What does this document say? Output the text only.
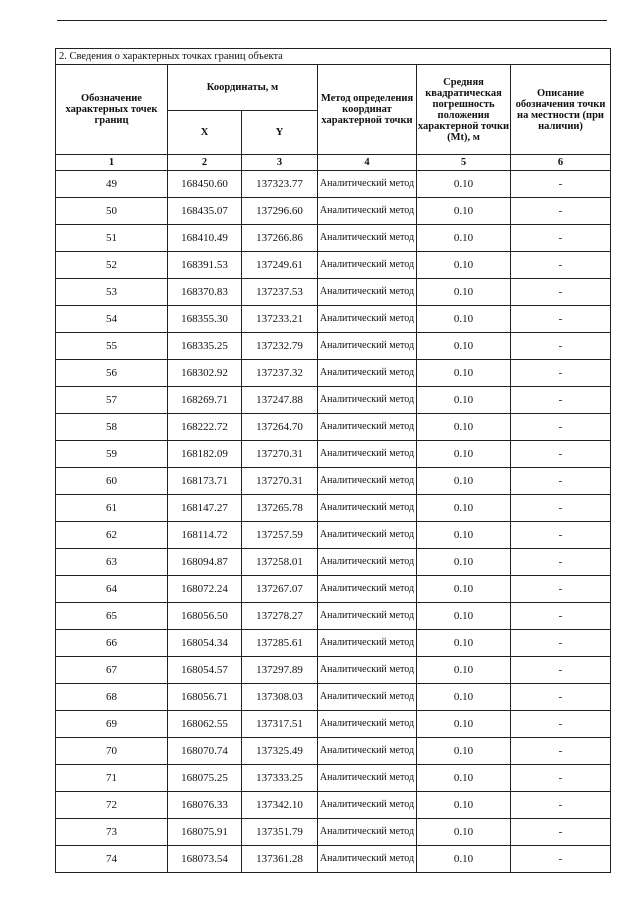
2. Сведения о характерных точках границ объекта					
Обозначение характерных точек границ	Координаты, м		Метод определения координат характерной точки	Средняя квадратическая погрешность положения характерной точки (Mt), м	Описание обозначения точки на местности (при наличии)
	X	Y			
1	2	3	4	5	6
49	168450.60	137323.77	Аналитический метод	0.10	-
50	168435.07	137296.60	Аналитический метод	0.10	-
51	168410.49	137266.86	Аналитический метод	0.10	-
52	168391.53	137249.61	Аналитический метод	0.10	-
53	168370.83	137237.53	Аналитический метод	0.10	-
54	168355.30	137233.21	Аналитический метод	0.10	-
55	168335.25	137232.79	Аналитический метод	0.10	-
56	168302.92	137237.32	Аналитический метод	0.10	-
57	168269.71	137247.88	Аналитический метод	0.10	-
58	168222.72	137264.70	Аналитический метод	0.10	-
59	168182.09	137270.31	Аналитический метод	0.10	-
60	168173.71	137270.31	Аналитический метод	0.10	-
61	168147.27	137265.78	Аналитический метод	0.10	-
62	168114.72	137257.59	Аналитический метод	0.10	-
63	168094.87	137258.01	Аналитический метод	0.10	-
64	168072.24	137267.07	Аналитический метод	0.10	-
65	168056.50	137278.27	Аналитический метод	0.10	-
66	168054.34	137285.61	Аналитический метод	0.10	-
67	168054.57	137297.89	Аналитический метод	0.10	-
68	168056.71	137308.03	Аналитический метод	0.10	-
69	168062.55	137317.51	Аналитический метод	0.10	-
70	168070.74	137325.49	Аналитический метод	0.10	-
71	168075.25	137333.25	Аналитический метод	0.10	-
72	168076.33	137342.10	Аналитический метод	0.10	-
73	168075.91	137351.79	Аналитический метод	0.10	-
74	168073.54	137361.28	Аналитический метод	0.10	-
